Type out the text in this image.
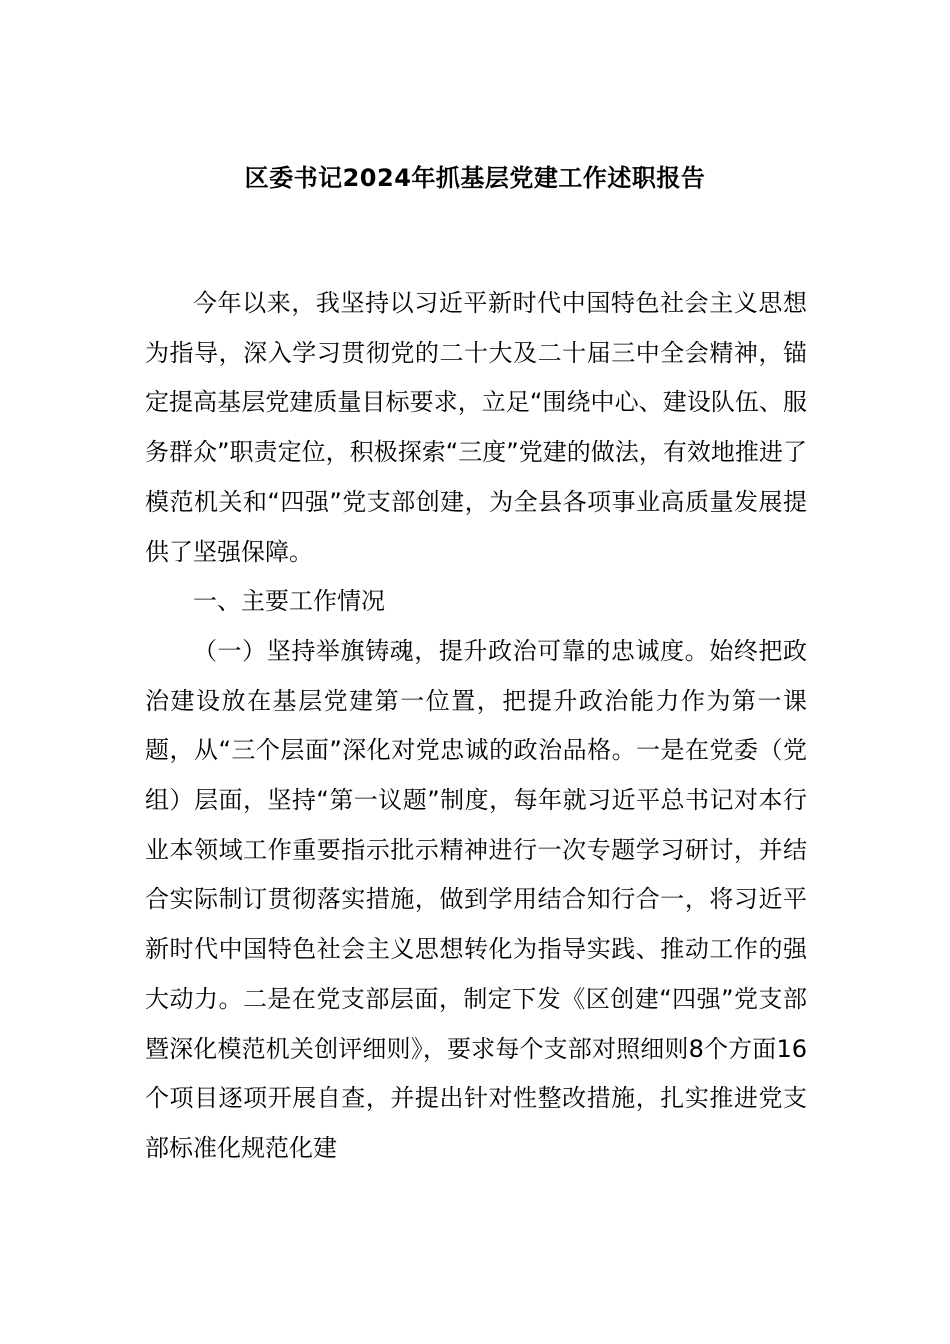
区委书记2024年抓基层党建工作述职报告

今年以来，我坚持以习近平新时代中国特色社会主义思想为指导，深入学习贯彻党的二十大及二十届三中全会精神，锚定提高基层党建质量目标要求，立足“围绕中心、建设队伍、服务群众”职责定位，积极探索“三度”党建的做法，有效地推进了模范机关和“四强”党支部创建，为全县各项事业高质量发展提供了坚强保障。

一、主要工作情况

（一）坚持举旗铸魂，提升政治可靠的忠诚度。始终把政治建设放在基层党建第一位置，把提升政治能力作为第一课题，从“三个层面”深化对党忠诚的政治品格。一是在党委（党组）层面，坚持“第一议题”制度，每年就习近平总书记对本行业本领域工作重要指示批示精神进行一次专题学习研讨，并结合实际制订贯彻落实措施，做到学用结合知行合一，将习近平新时代中国特色社会主义思想转化为指导实践、推动工作的强大动力。二是在党支部层面，制定下发《区创建“四强”党支部暨深化模范机关创评细则》，要求每个支部对照细则8个方面16个项目逐项开展自查，并提出针对性整改措施，扎实推进党支部标准化规范化建
